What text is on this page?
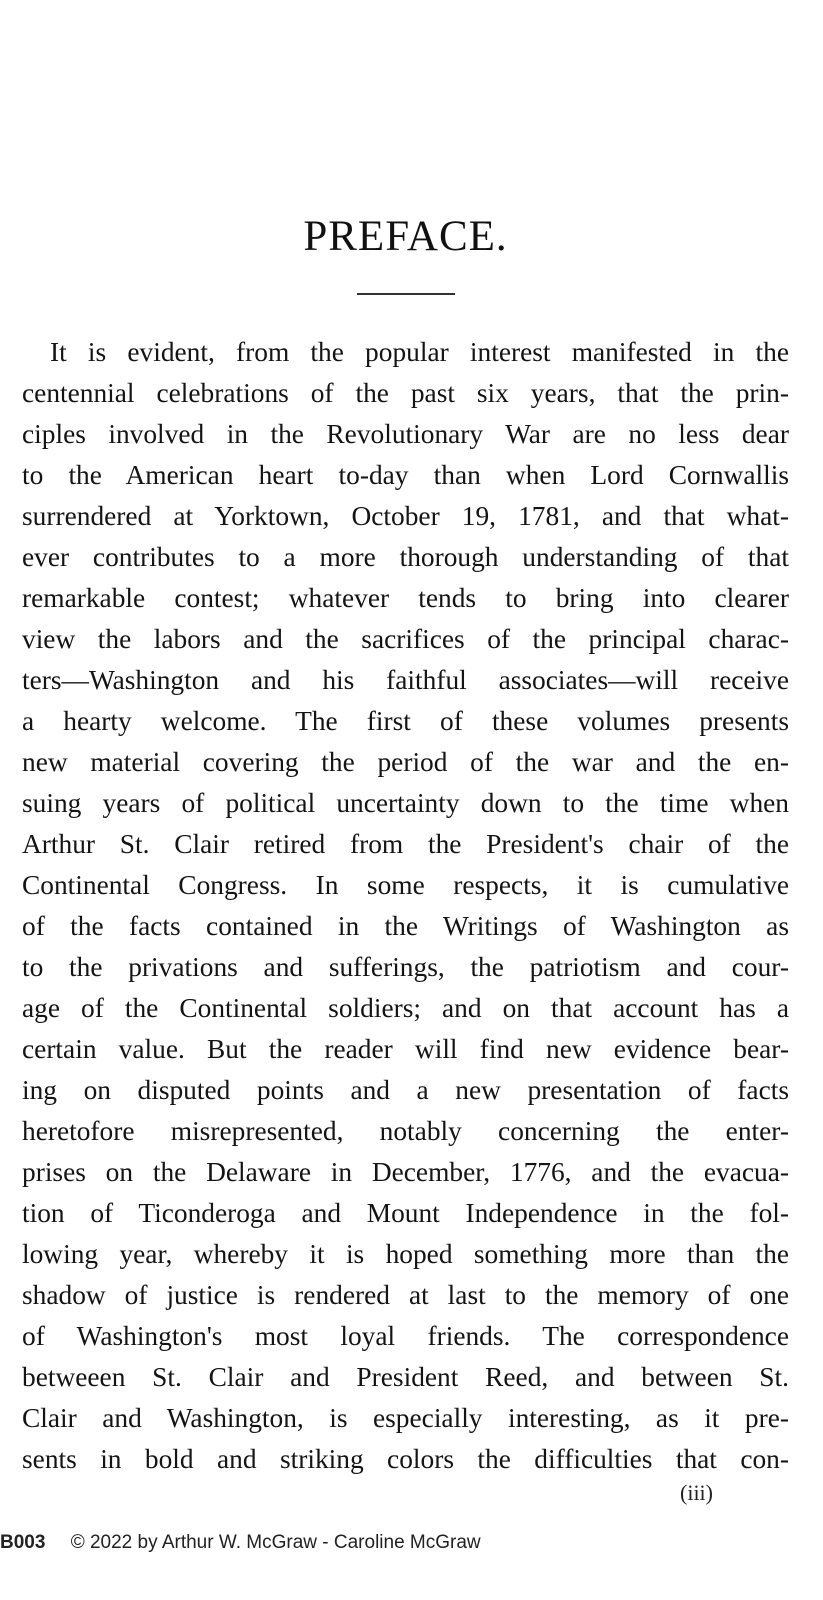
PREFACE.
It is evident, from the popular interest manifested in the
centennial celebrations of the past six years, that the prin-
ciples involved in the Revolutionary War are no less dear
to the American heart to-day than when Lord Cornwallis
surrendered at Yorktown, October 19, 1781, and that what-
ever contributes to a more thorough understanding of that
remarkable contest; whatever tends to bring into clearer
view the labors and the sacrifices of the principal charac-
ters—Washington and his faithful associates—will receive
a hearty welcome. The first of these volumes presents
new material covering the period of the war and the en-
suing years of political uncertainty down to the time when
Arthur St. Clair retired from the President's chair of the
Continental Congress. In some respects, it is cumulative
of the facts contained in the Writings of Washington as
to the privations and sufferings, the patriotism and cour-
age of the Continental soldiers; and on that account has a
certain value. But the reader will find new evidence bear-
ing on disputed points and a new presentation of facts
heretofore misrepresented, notably concerning the enter-
prises on the Delaware in December, 1776, and the evacua-
tion of Ticonderoga and Mount Independence in the fol-
lowing year, whereby it is hoped something more than the
shadow of justice is rendered at last to the memory of one
of Washington's most loyal friends. The correspondence
betweeen St. Clair and President Reed, and between St.
Clair and Washington, is especially interesting, as it pre-
sents in bold and striking colors the difficulties that con-
(iii)
B003 © 2022 by Arthur W. McGraw - Caroline McGraw
